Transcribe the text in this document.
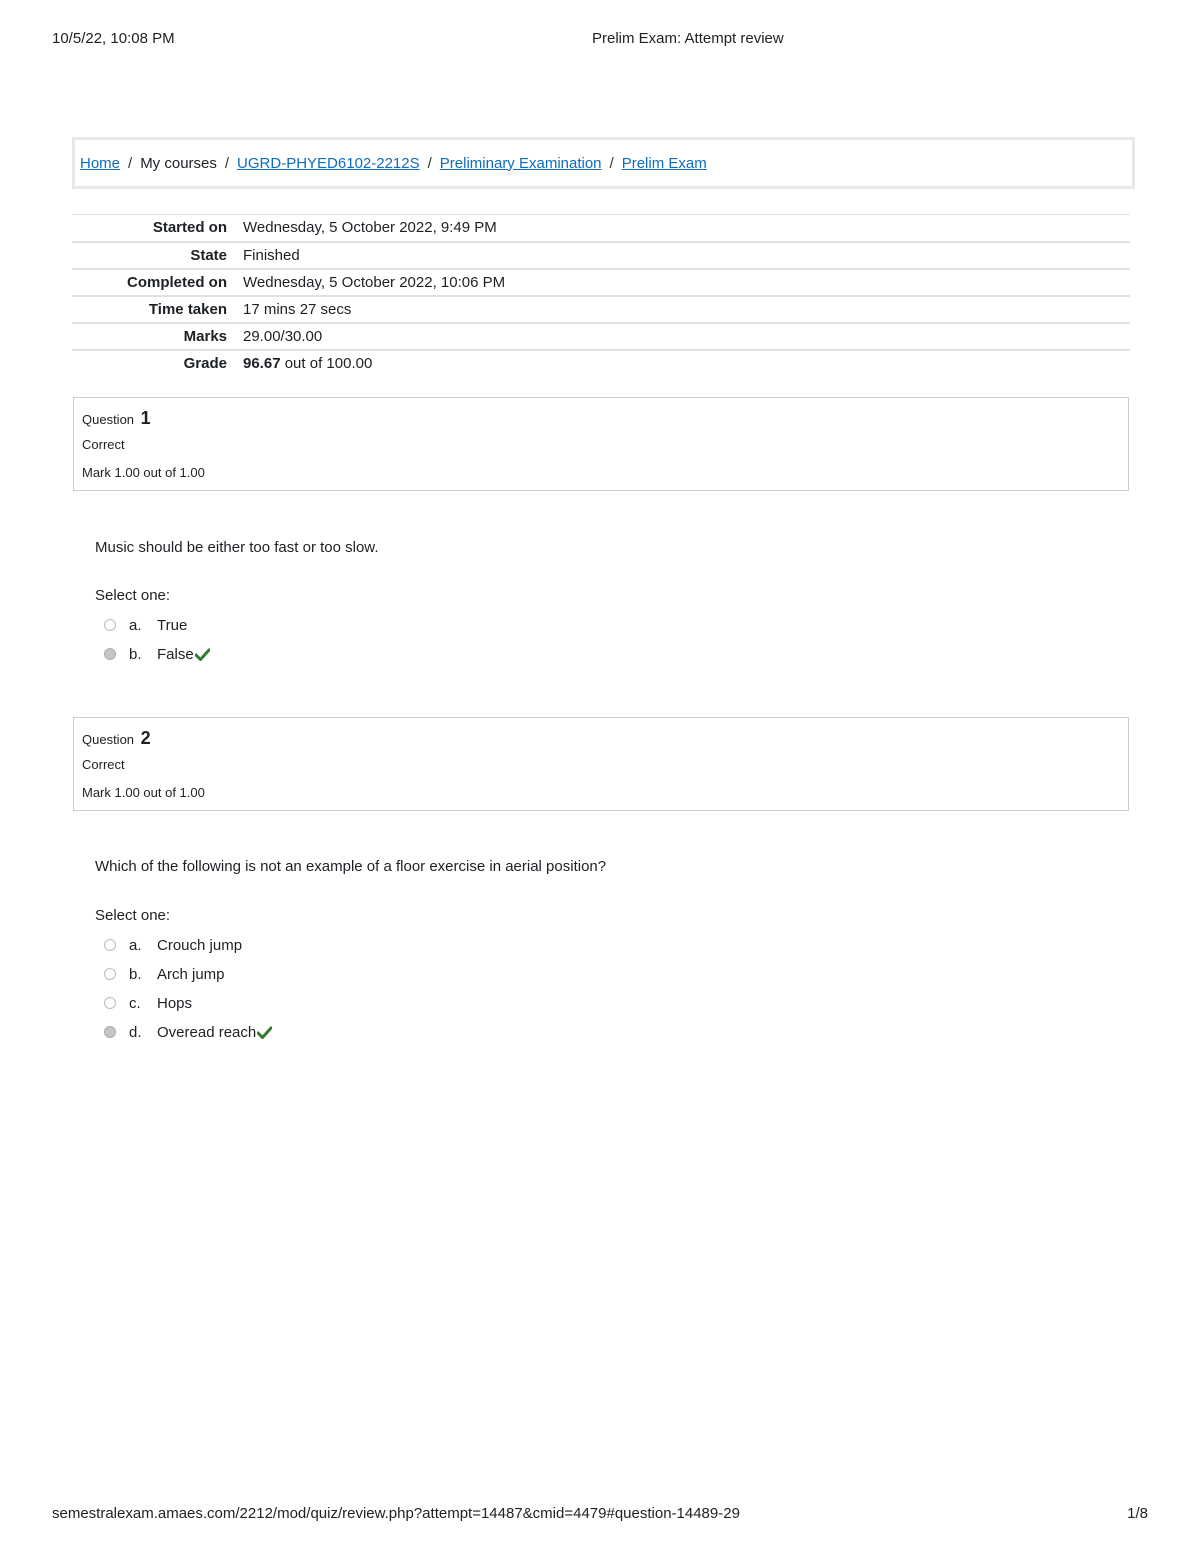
10/5/22, 10:08 PM	Prelim Exam: Attempt review
Home / My courses / UGRD-PHYED6102-2212S / Preliminary Examination / Prelim Exam
Started on	Wednesday, 5 October 2022, 9:49 PM
State	Finished
Completed on	Wednesday, 5 October 2022, 10:06 PM
Time taken	17 mins 27 secs
Marks	29.00/30.00
Grade	96.67 out of 100.00
Question 1
Correct
Mark 1.00 out of 1.00
Music should be either too fast or too slow.
Select one:
a. True
b. False
Question 2
Correct
Mark 1.00 out of 1.00
Which of the following is not an example of a floor exercise in aerial position?
Select one:
a. Crouch jump
b. Arch jump
c. Hops
d. Overead reach
semestralexam.amaes.com/2212/mod/quiz/review.php?attempt=14487&cmid=4479#question-14489-29	1/8
